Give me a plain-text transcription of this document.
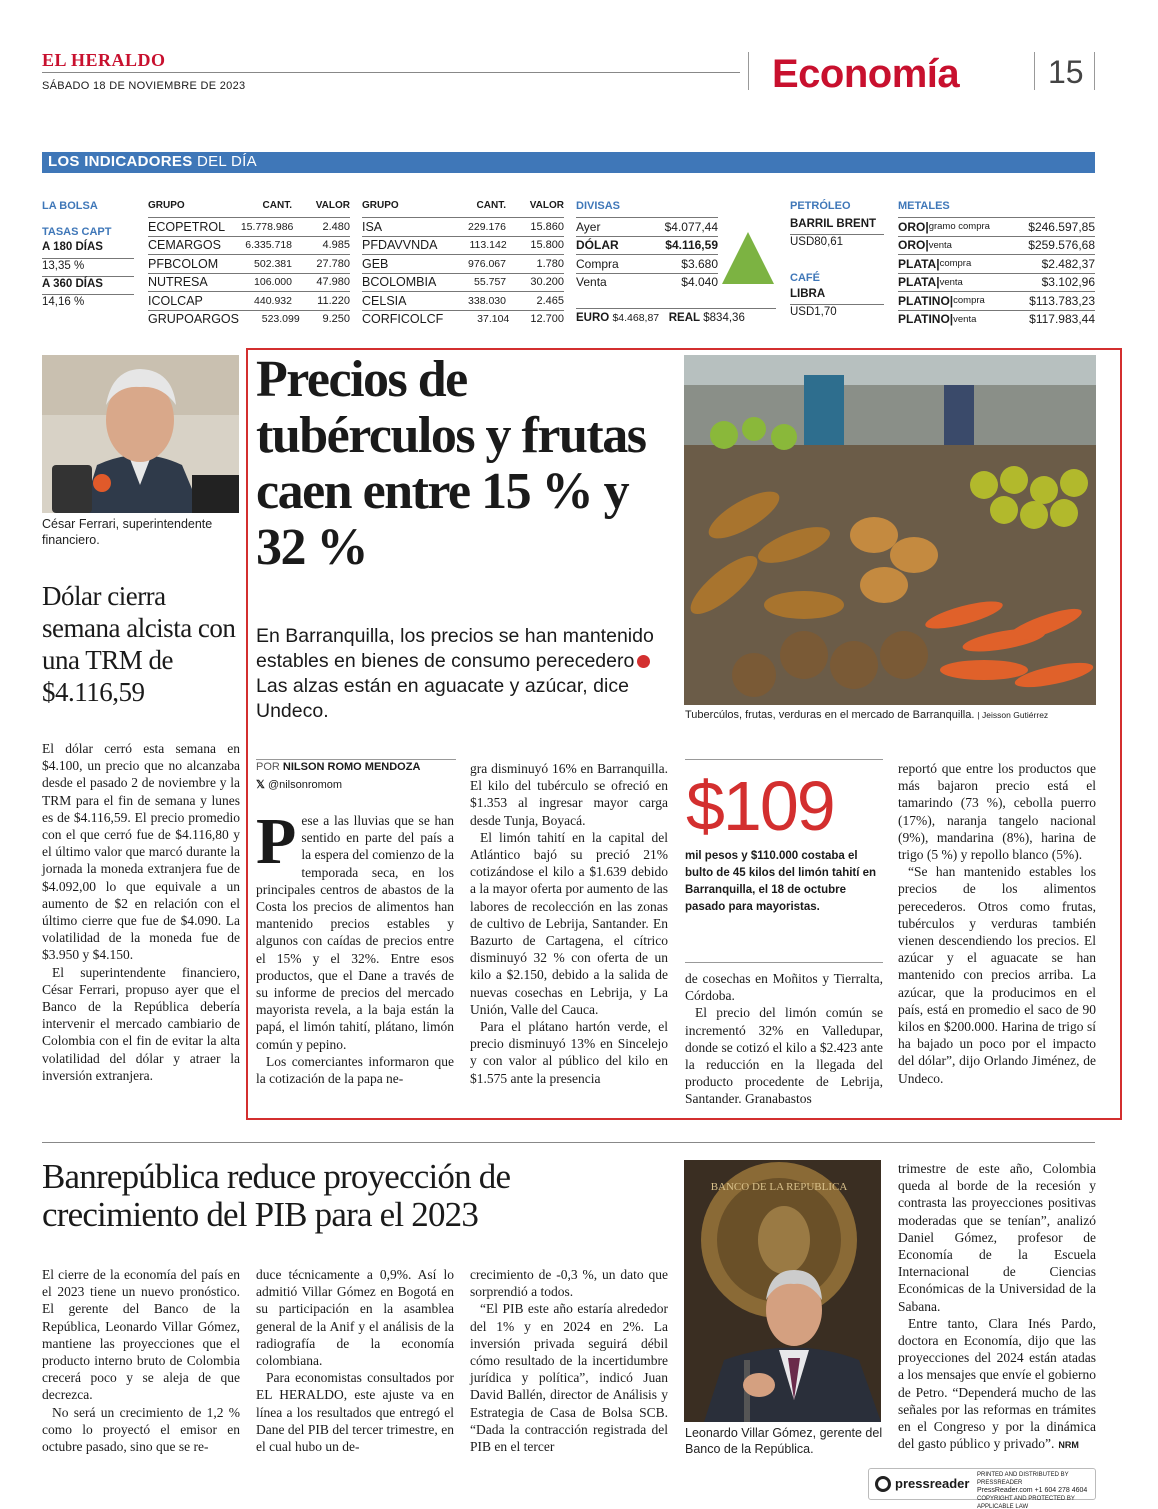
EL HERALDO
SÁBADO 18 DE NOVIEMBRE DE 2023	Economía	15
LOS INDICADORES DEL DÍA
LA BOLSA
TASAS CAPT
A 180 DÍAS
13,35 %
A 360 DÍAS
14,16 %
GRUPO	CANT.	VALOR
ECOPETROL	15.778.986	2.480
CEMARGOS	6.335.718	4.985
PFBCOLOM	502.381	27.780
NUTRESA	106.000	47.980
ICOLCAP	440.932	11.220
GRUPOARGOS	523.099	9.250
GRUPO	CANT.	VALOR
ISA	229.176	15.860
PFDAVVNDA	113.142	15.800
GEB	976.067	1.780
BCOLOMBIA	55.757	30.200
CELSIA	338.030	2.465
CORFICOLCF	37.104	12.700
DIVISAS
Ayer	$4.077,44
DÓLAR	$4.116,59
Compra	$3.680
Venta	$4.040
EURO $4.468,87 REAL $834,36
PETRÓLEO
BARRIL BRENT
USD80,61
CAFÉ
LIBRA
USD1,70
METALES
ORO | gramo compra	$246.597,85
ORO | venta	$259.576,68
PLATA | compra	$2.482,37
PLATA | venta	$3.102,96
PLATINO | compra	$113.783,23
PLATINO | venta	$117.983,44
César Ferrari, superintendente financiero.
Dólar cierra semana alcista con una TRM de $4.116,59

El dólar cerró esta semana en $4.100, un precio que no alcanzaba desde el pasado 2 de noviembre y la TRM para el fin de semana y lunes es de $4.116,59. El precio promedio con el que cerró fue de $4.116,80 y el último valor que marcó durante la jornada la moneda extranjera fue de $4.092,00 lo que equivale a un aumento de $2 en relación con el último cierre que fue de $4.090. La volatilidad de la moneda fue de $3.950 y $4.150.

El superintendente financiero, César Ferrari, propuso ayer que el Banco de la República debería intervenir el mercado cambiario de Colombia con el fin de evitar la alta volatilidad del dólar y atraer la inversión extranjera.

Precios de tubérculos y frutas caen entre 15 % y 32 %
En Barranquilla, los precios se han mantenido estables en bienes de consumo perecederoLas alzas están en aguacate y azúcar, dice Undeco.	Tubercúlos, frutas, verduras en el mercado de Barranquilla. | Jeisson Gutiérrez
POR NILSON ROMO MENDOZA
𝕏 @nilsonromom
Pese a las lluvias que se han sentido en parte del país a la espera del comienzo de la temporada seca, en los principales centros de abastos de la Costa los precios de alimentos han mantenido precios estables y algunos con caídas de precios entre el 15% y el 32%. Entre esos productos, que el Dane a través de su informe de precios del mercado mayorista revela, a la baja están la papá, el limón tahití, plátano, limón común y pepino.

Los comerciantes informaron que la cotización de la papa ne-

gra disminuyó 16% en Barranquilla. El kilo del tubérculo se ofreció en $1.353 al ingresar mayor carga desde Tunja, Boyacá.

El limón tahití en la capital del Atlántico bajó su preció 21% cotizándose el kilo a $1.639 debido a la mayor oferta por aumento de las labores de recolección en las zonas de cultivo de Lebrija, Santander. En Bazurto de Cartagena, el cítrico disminuyó 32 % con oferta de un kilo a $2.150, debido a la salida de nuevas cosechas en Lebrija, y La Unión, Valle del Cauca.

Para el plátano hartón verde, el precio disminuyó 13% en Sincelejo y con valor al público del kilo en $1.575 ante la presencia

$109
mil pesos y $110.000 costaba el bulto de 45 kilos del limón tahití en Barranquilla, el 18 de octubre pasado para mayoristas.

de cosechas en Moñitos y Tierralta, Córdoba.

El precio del limón común se incrementó 32% en Valledupar, donde se cotizó el kilo a $2.423 ante la reducción en la llegada del producto procedente de Lebrija, Santander. Granabastos

reportó que entre los productos que más bajaron precio está el tamarindo (73 %), cebolla puerro (17%), naranja tangelo nacional (9%), mandarina (8%), harina de trigo (5 %) y repollo blanco (5%).

“Se han mantenido estables los precios de los alimentos perecederos. Otros como frutas, tubérculos y verduras también vienen descendiendo los precios. El azúcar y el aguacate se han mantenido con precios arriba. La azúcar, que la producimos en el país, está en promedio el saco de 90 kilos en $200.000. Harina de trigo sí ha bajado un poco por el impacto del dólar”, dijo Orlando Jiménez, de Undeco.

Banrepública reduce proyección de crecimiento del PIB para el 2023

El cierre de la economía del país en el 2023 tiene un nuevo pronóstico. El gerente del Banco de la República, Leonardo Villar Gómez, mantiene las proyecciones que el producto interno bruto de Colombia crecerá poco y se aleja de que decrezca.

No será un crecimiento de 1,2 % como lo proyectó el emisor en octubre pasado, sino que se re-

duce técnicamente a 0,9%. Así lo admitió Villar Gómez en Bogotá en su participación en la asamblea general de la Anif y el análisis de la radiografía de la economía colombiana.

Para economistas consultados por EL HERALDO, este ajuste va en línea a los resultados que entregó el Dane del PIB del tercer trimestre, en el cual hubo un de-

crecimiento de -0,3 %, un dato que sorprendió a todos.

“El PIB este año estaría alrededor del 1% y en 2024 en 2%. La inversión privada seguirá débil cómo resultado de la incertidumbre jurídica y política”, indicó Juan David Ballén, director de Análisis y Estrategia de Casa de Bolsa SCB. “Dada la contracción registrada del PIB en el tercer

BANCO DE LA REPUBLICA
Leonardo Villar Gómez, gerente del Banco de la República.

trimestre de este año, Colombia queda al borde de la recesión y contrasta las proyecciones positivas moderadas que se tenían”, analizó Daniel Gómez, profesor de Economía de la Escuela Internacional de Ciencias Económicas de la Universidad de la Sabana.

Entre tanto, Clara Inés Pardo, doctora en Economía, dijo que las proyecciones del 2024 están atadas a los mensajes que envíe el gobierno de Petro. “Dependerá mucho de las señales por las reformas en trámites en el Congreso y por la dinámica del gasto público y privado”. NRM

pressreader
PRINTED AND DISTRIBUTED BY PRESSREADER
PressReader.com +1 604 278 4604
COPYRIGHT AND PROTECTED BY APPLICABLE LAW
